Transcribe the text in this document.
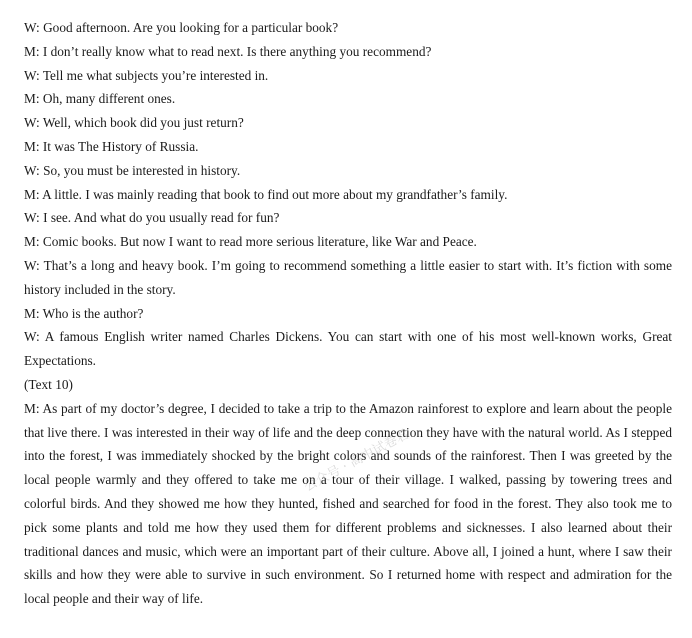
W: Good afternoon. Are you looking for a particular book?
M: I don’t really know what to read next. Is there anything you recommend?
W: Tell me what subjects you’re interested in.
M: Oh, many different ones.
W: Well, which book did you just return?
M: It was The History of Russia.
W: So, you must be interested in history.
M: A little. I was mainly reading that book to find out more about my grandfather’s family.
W: I see. And what do you usually read for fun?
M: Comic books. But now I want to read more serious literature, like War and Peace.

W: That’s a long and heavy book. I’m going to recommend something a little easier to start with. It’s fiction with some history included in the story.

M: Who is the author?

W: A famous English writer named Charles Dickens. You can start with one of his most well-known works, Great Expectations.

(Text 10)

M: As part of my doctor’s degree, I decided to take a trip to the Amazon rainforest to explore and learn about the people that live there. I was interested in their way of life and the deep connection they have with the natural world. As I stepped into the forest, I was immediately shocked by the bright colors and sounds of the rainforest. Then I was greeted by the local people warmly and they offered to take me on a tour of their village. I walked, passing by towering trees and colorful birds. And they showed me how they hunted, fished and searched for food in the forest. They also took me to pick some plants and told me how they used them for different problems and sicknesses. I also learned about their traditional dances and music, which were an important part of their culture. Above all, I joined a hunt, where I saw their skills and how they were able to survive in such environment. So I returned home with respect and admiration for the local people and their way of life.

公众号 · 高中试卷君
